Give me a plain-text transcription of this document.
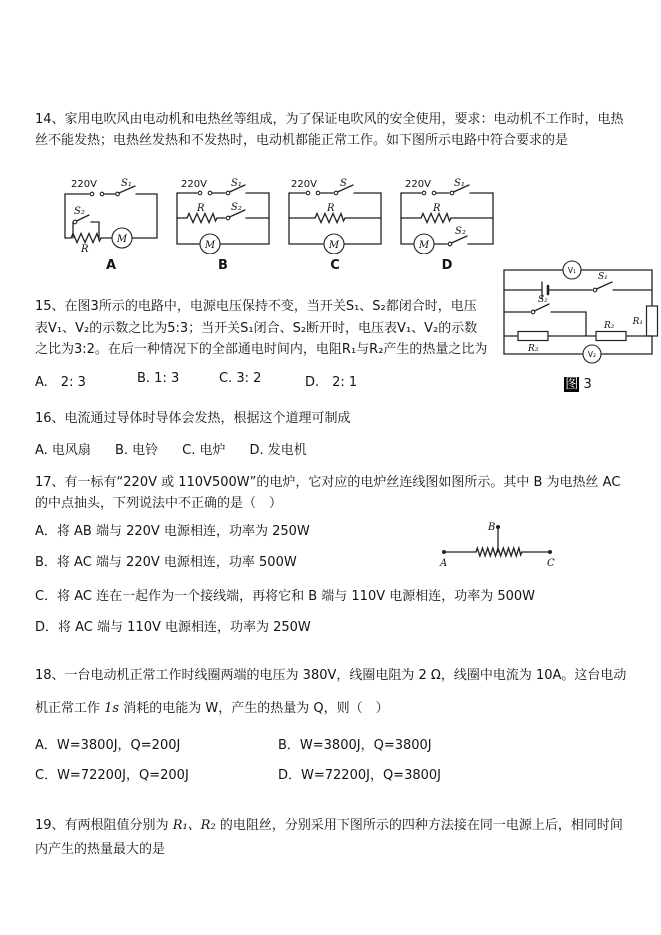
14、家用电吹风由电动机和电热丝等组成，为了保证电吹风的安全使用，要求：电动机不工作时，电热丝不能发热；电热丝发热和不发热时，电动机都能正常工作。如下图所示电路中符合要求的是

220V S₁
M
S₂
R
A
220V S₁
R	S₂
M
B
220V S
R
M
C
220V S₁
R
M
S₂
D

15、在图3所示的电路中，电源电压保持不变，当开关S₁、S₂都闭合时，电压表V₁、V₂的示数之比为5:3；当开关S₁闭合、S₂断开时，电压表V₁、V₂的示数之比为3:2。在后一种情况下的全部通电时间内，电阻R₁与R₂产生的热量之比为

A.　2: 3	B. 1: 3	C. 3: 2	D.　2: 1
V₁
S₁
R₁
S₂
R₃
R₂
V₂
图 3

16、电流通过导体时导体会发热，根据这个道理可制成

A. 电风扇 B. 电铃 C. 电炉 D. 发电机

17、有一标有“220V 或 110V500W”的电炉，它对应的电炉丝连线图如图所示。其中 B 为电热丝 AC 的中点抽头，下列说法中不正确的是（　）

A．将 AB 端与 220V 电源相连，功率为 250W

B．将 AC 端与 220V 电源相连，功率 500W

C．将 AC 连在一起作为一个接线端，再将它和 B 端与 110V 电源相连，功率为 500W

D．将 AC 端与 110V 电源相连，功率为 250W

B
A	C

18、一台电动机正常工作时线圈两端的电压为 380V，线圈电阻为 2 Ω，线圈中电流为 10A。这台电动机正常工作 1s 消耗的电能为 W，产生的热量为 Q，则（　）

A．W=3800J，Q=200J	B．W=3800J，Q=3800J
C．W=72200J，Q=200J	D．W=72200J，Q=3800J

19、有两根阻值分别为 R₁、R₂ 的电阻丝，分别采用下图所示的四种方法接在同一电源上后，相同时间内产生的热量最大的是
